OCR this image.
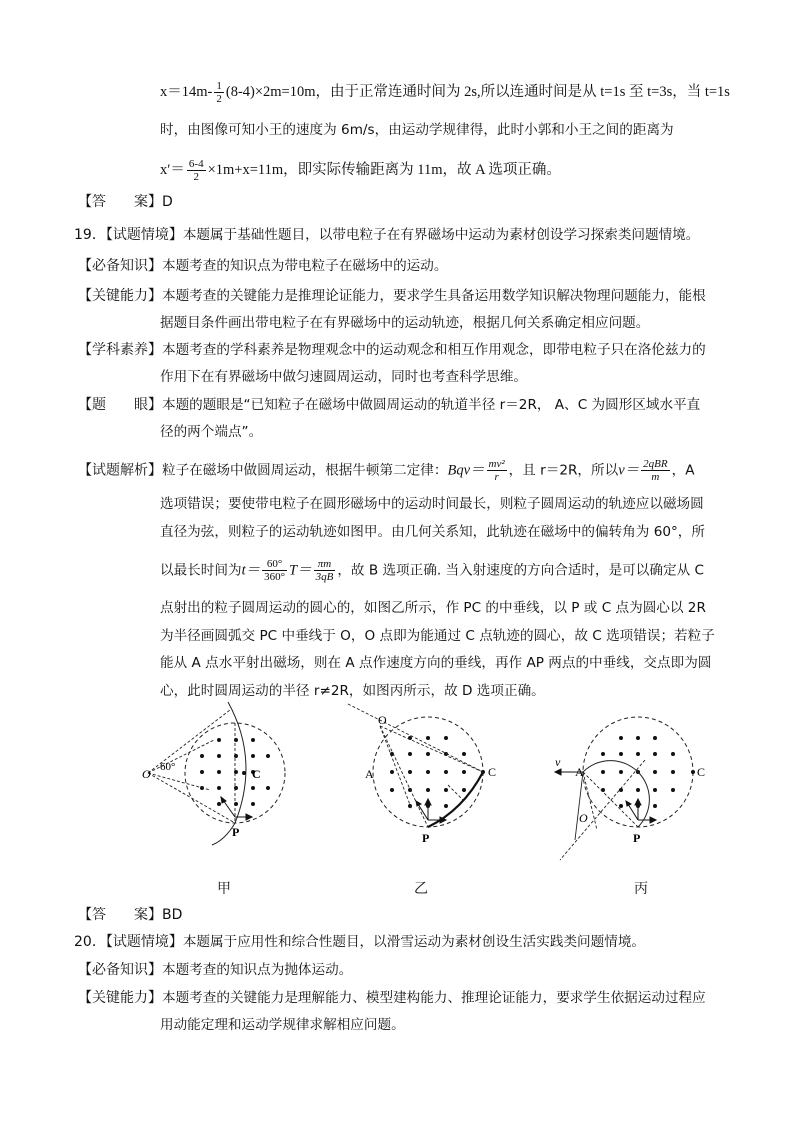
$x=14m- \frac{1}{2} (8-4)\times 2m=10m$，由于正常连通时间为 2s,所以连通时间是从 t=1s 至 t=3s，当 t=1s
时，由图像可知小王的速度为 6m/s，由运动学规律得，此时小郭和小王之间的距离为
$x'= \frac{6-4}{2} \times 1m+x=11m$，即实际传输距离为 11m，故 A 选项正确。
【答　　案】D
19．【试题情境】本题属于基础性题目，以带电粒子在有界磁场中运动为素材创设学习探索类问题情境。
【必备知识】本题考查的知识点为带电粒子在磁场中的运动。
【关键能力】本题考查的关键能力是推理论证能力，要求学生具备运用数学知识解决物理问题能力，能根
据题目条件画出带电粒子在有界磁场中的运动轨迹，根据几何关系确定相应问题。
【学科素养】本题考查的学科素养是物理观念中的运动观念和相互作用观念，即带电粒子只在洛伦兹力的
作用下在有界磁场中做匀速圆周运动，同时也考查科学思维。
【题　　眼】本题的题眼是“已知粒子在磁场中做圆周运动的轨道半径 r＝2R， A、C 为圆形区域水平直
径的两个端点”。
【试题解析】粒子在磁场中做圆周运动，根据牛顿第二定律：$Bqv= \frac{\text{mv²}}{r}$ ，且 r＝2R，所以$v= \frac{\text{2qBR}}{m}$ ，A
选项错误；要使带电粒子在圆形磁场中的运动时间最长，则粒子圆周运动的轨迹应以磁场圆
直径为弦，则粒子的运动轨迹如图甲。由几何关系知，此轨迹在磁场中的偏转角为 60°，所
以最长时间为$t= \frac{60^\circ}{360^\circ} T= \frac{\pi m}{3qB}$ ，故 B 选项正确. 当入射速度的方向合适时，是可以确定从 C
点射出的粒子圆周运动的圆心的，如图乙所示，作 PC 的中垂线，以 P 或 C 点为圆心以 2R
为半径画圆弧交 PC 中垂线于 O，O 点即为能通过 C 点轨迹的圆心，故 C 选项错误；若粒子
能从 A 点水平射出磁场，则在 A 点作速度方向的垂线，再作 AP 两点的中垂线，交点即为圆
心，此时圆周运动的半径 r≠2R，如图丙所示，故 D 选项正确。
O 60°	C
P
O
A	C
P
v
A	C
O
P
甲	乙	丙
【答　　案】BD
20．【试题情境】本题属于应用性和综合性题目，以滑雪运动为素材创设生活实践类问题情境。
【必备知识】本题考查的知识点为抛体运动。
【关键能力】本题考查的关键能力是理解能力、模型建构能力、推理论证能力，要求学生依据运动过程应
用动能定理和运动学规律求解相应问题。
